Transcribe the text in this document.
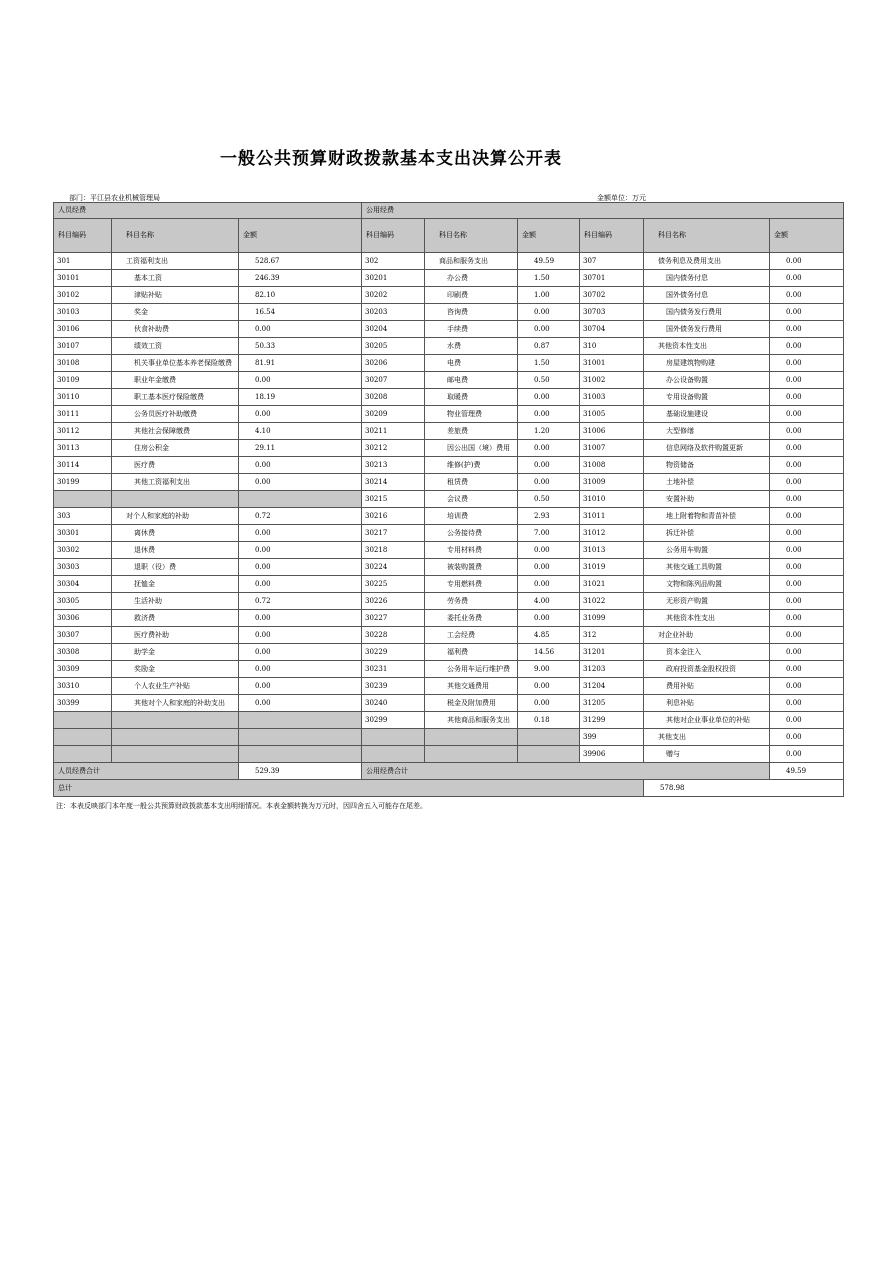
一般公共预算财政拨款基本支出决算公开表
部门：平江县农业机械管理局	金额单位：万元
人员经费			公用经费					
科目编码	科目名称	金额	科目编码	科目名称	金额	科目编码	科目名称	金额
301	工资福利支出	528.67	302	商品和服务支出	49.59	307	债务利息及费用支出	0.00
30101	基本工资	246.39	30201	办公费	1.50	30701	国内债务付息	0.00
30102	津贴补贴	82.10	30202	印刷费	1.00	30702	国外债务付息	0.00
30103	奖金	16.54	30203	咨询费	0.00	30703	国内债务发行费用	0.00
30106	伙食补助费	0.00	30204	手续费	0.00	30704	国外债务发行费用	0.00
30107	绩效工资	50.33	30205	水费	0.87	310	其他资本性支出	0.00
30108	机关事业单位基本养老保险缴费	81.91	30206	电费	1.50	31001	房屋建筑物购建	0.00
30109	职业年金缴费	0.00	30207	邮电费	0.50	31002	办公设备购置	0.00
30110	职工基本医疗保险缴费	18.19	30208	取暖费	0.00	31003	专用设备购置	0.00
30111	公务员医疗补助缴费	0.00	30209	物业管理费	0.00	31005	基础设施建设	0.00
30112	其他社会保障缴费	4.10	30211	差旅费	1.20	31006	大型修缮	0.00
30113	住房公积金	29.11	30212	因公出国（境）费用	0.00	31007	信息网络及软件购置更新	0.00
30114	医疗费	0.00	30213	维修(护)费	0.00	31008	物资储备	0.00
30199	其他工资福利支出	0.00	30214	租赁费	0.00	31009	土地补偿	0.00
			30215	会议费	0.50	31010	安置补助	0.00
303	对个人和家庭的补助	0.72	30216	培训费	2.93	31011	地上附着物和青苗补偿	0.00
30301	离休费	0.00	30217	公务接待费	7.00	31012	拆迁补偿	0.00
30302	退休费	0.00	30218	专用材料费	0.00	31013	公务用车购置	0.00
30303	退职（役）费	0.00	30224	被装购置费	0.00	31019	其他交通工具购置	0.00
30304	抚恤金	0.00	30225	专用燃料费	0.00	31021	文物和陈列品购置	0.00
30305	生活补助	0.72	30226	劳务费	4.00	31022	无形资产购置	0.00
30306	救济费	0.00	30227	委托业务费	0.00	31099	其他资本性支出	0.00
30307	医疗费补助	0.00	30228	工会经费	4.85	312	对企业补助	0.00
30308	助学金	0.00	30229	福利费	14.56	31201	资本金注入	0.00
30309	奖励金	0.00	30231	公务用车运行维护费	9.00	31203	政府投资基金股权投资	0.00
30310	个人农业生产补贴	0.00	30239	其他交通费用	0.00	31204	费用补贴	0.00
30399	其他对个人和家庭的补助支出	0.00	30240	税金及附加费用	0.00	31205	利息补贴	0.00
			30299	其他商品和服务支出	0.18	31299	其他对企业事业单位的补贴	0.00
						399	其他支出	0.00
						39906	赠与	0.00
人员经费合计		529.39	公用经费合计					49.59
总计							578.98	
注：本表反映部门本年度一般公共预算财政拨款基本支出明细情况。本表金额转换为万元时，因四舍五入可能存在尾差。
